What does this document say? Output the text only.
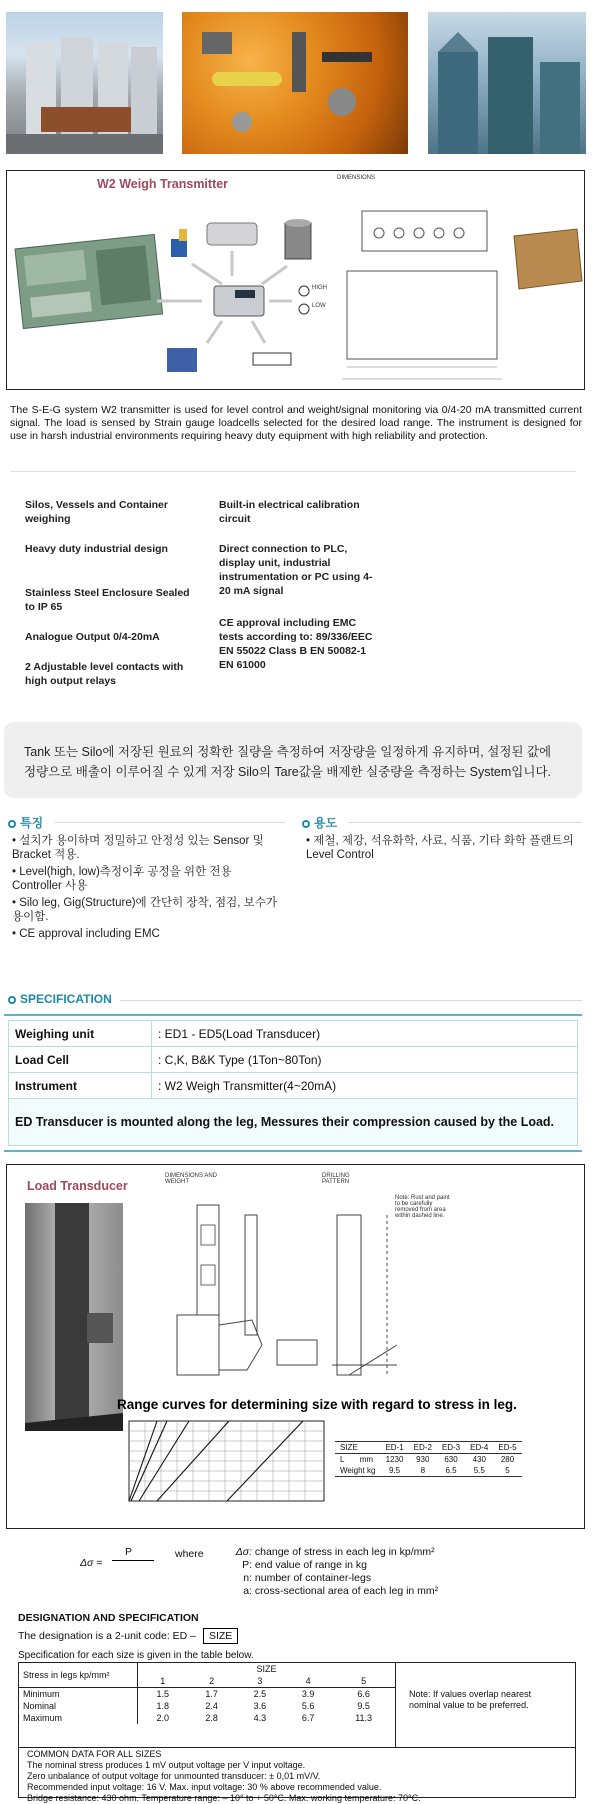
W2 Weigh Transmitter	DIMENSIONS
HIGH
LOW
The S-E-G system W2 transmitter is used for level control and weight/signal monitoring via 0/4-20 mA transmitted current signal. The load is sensed by Strain gauge loadcells selected for the desired load range. The instrument is designed for use in harsh industrial environments requiring heavy duty equipment with high reliability and protection.
Silos, Vessels and Container weighing
Heavy duty industrial design
Stainless Steel Enclosure Sealed to IP 65
Analogue Output 0/4-20mA
2 Adjustable level contacts with high output relays
Built-in electrical calibration circuit
Direct connection to PLC, display unit, industrial instrumentation or PC using 4-20 mA signal
CE approval including EMC tests according to: 89/336/EEC EN 55022 Class B EN 50082-1 EN 61000
Tank 또는 Silo에 저장된 원료의 정확한 질량을 측정하여 저장량을 일정하게 유지하며, 설정된 값에 정량으로 배출이 이루어질 수 있게 저장 Silo의 Tare값을 배제한 실중량을 측정하는 System입니다.
특징
• 설치가 용이하며 정밀하고 안정성 있는 Sensor 및 Bracket 적용.
• Level(high, low)측정이후 공정을 위한 전용 Controller 사용
• Silo leg, Gig(Structure)에 간단히 장착, 점검, 보수가 용이함.
• CE approval including EMC
용도
• 제철, 제강, 석유화학, 사료, 식품, 기타 화학 플랜트의 Level Control
SPECIFICATION
Weighing unit	: ED1 - ED5(Load Transducer)
Load Cell	: C,K, B&K Type (1Ton~80Ton)
Instrument	: W2 Weigh Transmitter(4~20mA)
ED Transducer is mounted along the leg, Messures their compression caused by the Load.	
Load Transducer
DIMENSIONS AND WEIGHT
DRILLING PATTERN
Note: Rust and paint to be carefully removed from area within dashed line.
Range curves for determining size with regard to stress in leg.
SIZE	ED-1	ED-2	ED-3	ED-4	ED-5
L       mm	1230	930	630	430	280
Weight kg	9.5	8	6.5	5.5	5
Δσ =
P	where	Δσ: change of stress in each leg in kp/mm²
P: end value of range in kg
n: number of container-legs
a: cross-sectional area of each leg in mm²
DESIGNATION AND SPECIFICATION
The designation is a 2-unit code: ED – SIZE
Specification for each size is given in the table below.
Stress in legs kp/mm²	SIZE				
	1	2	3	4	5
Minimum	1.5	1.7	2.5	3.9	6.6
Nominal	1.8	2.4	3.6	5.6	9.5
Maximum	2.0	2.8	4.3	6.7	11.3
Note: If values overlap nearest nominal value to be preferred.
COMMON DATA FOR ALL SIZES
The nominal stress produces 1 mV output voltage per V input voltage.
Zero unbalance of output voltage for unmounted transducer: ± 0,01 mV/V.
Recommended input voltage: 16 V. Max. input voltage: 30 % above recommended value.
Bridge resistance: 430 ohm. Temperature range: – 10° to + 50°C. Max. working temperature: 70°C.
